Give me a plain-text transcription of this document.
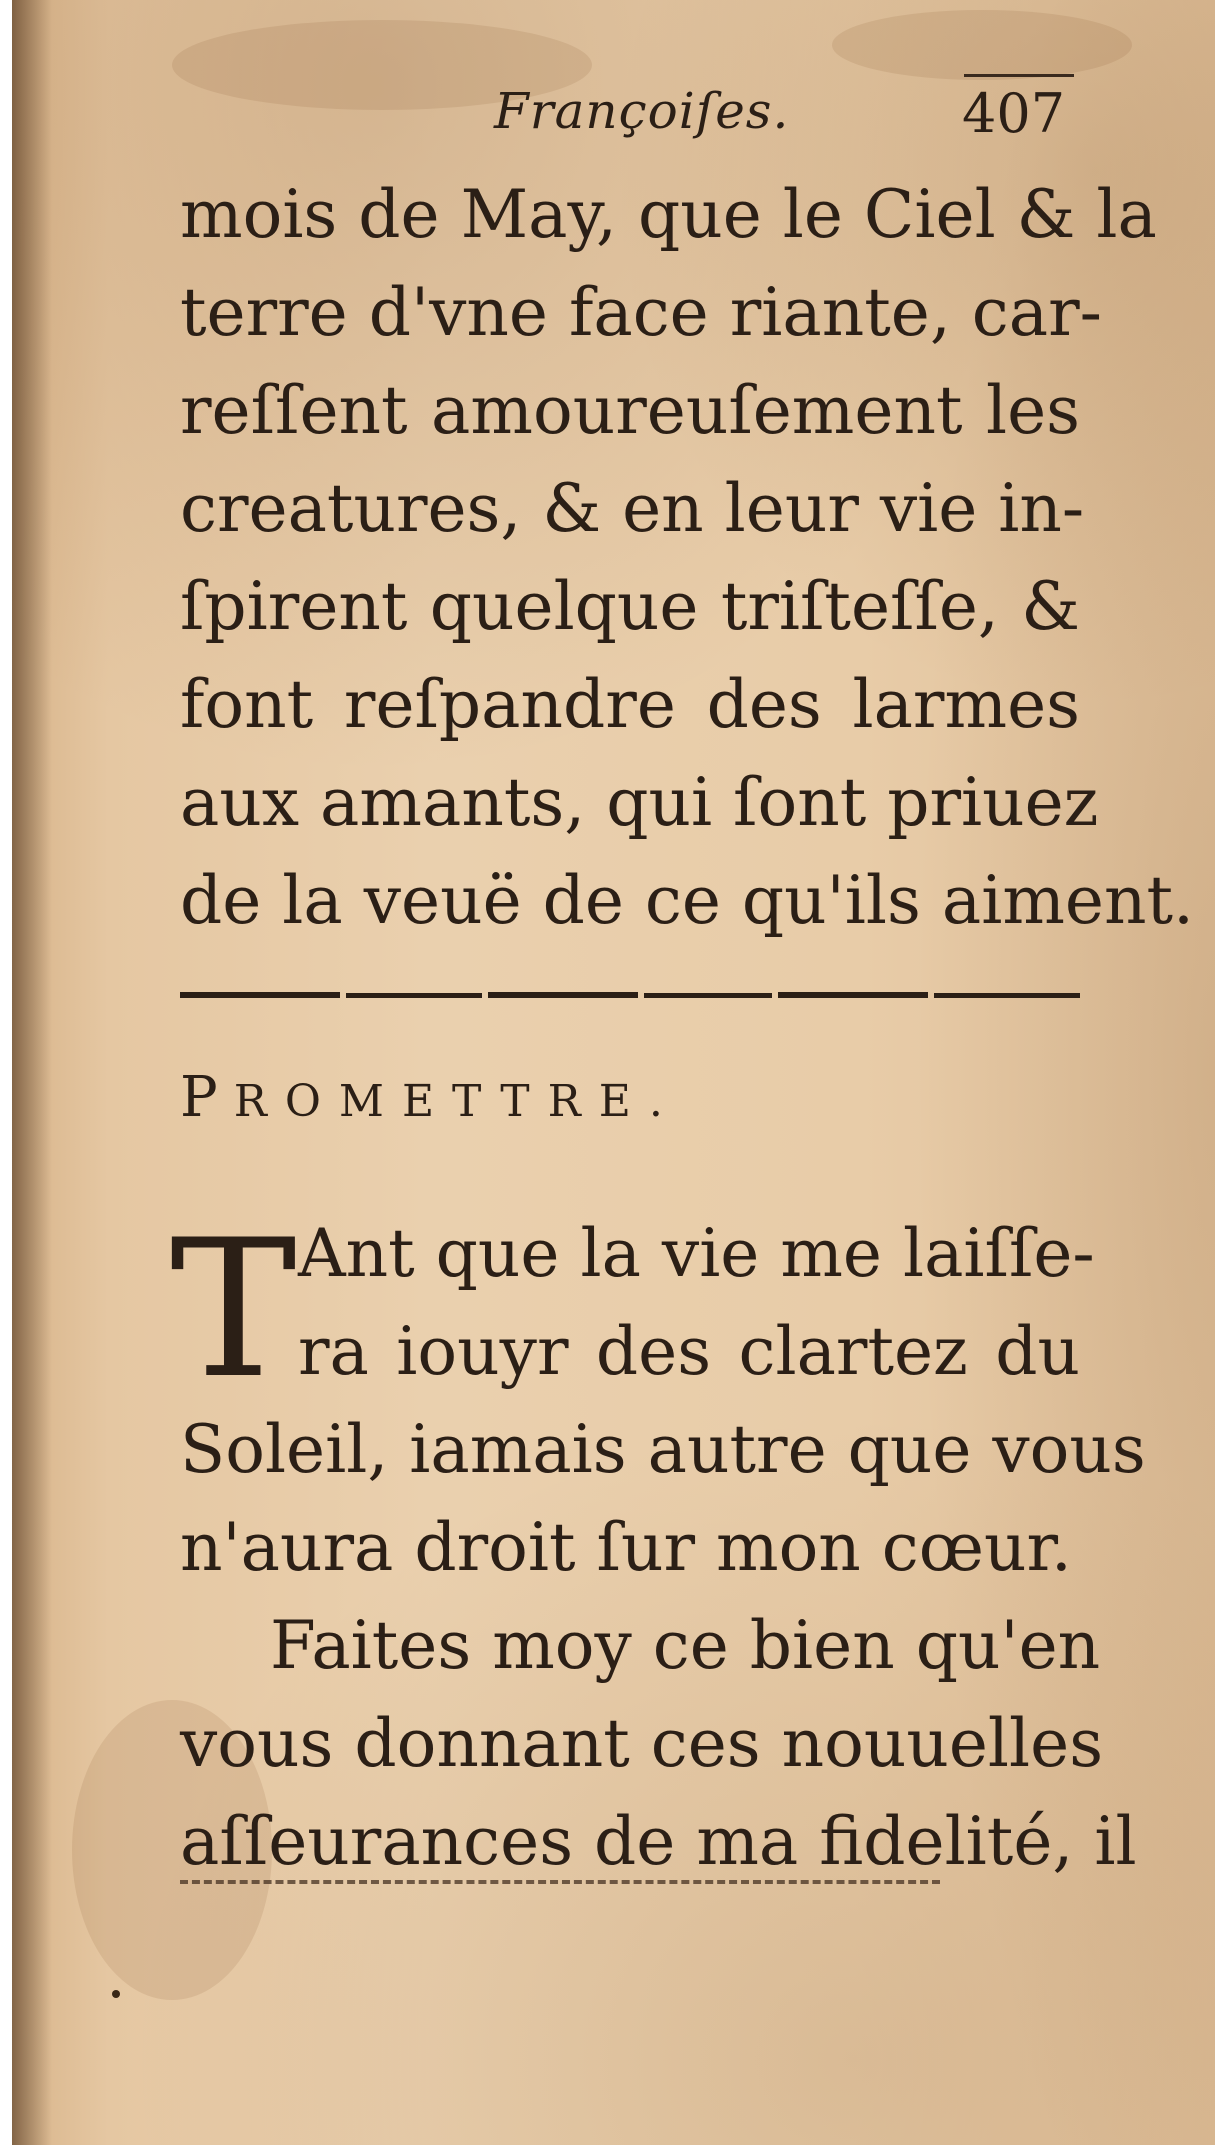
Françoiſes.	407
mois de May, que le Ciel & la
terre d'vne face riante, car-
reſſent amoureuſement les
creatures, & en leur vie in-
ſpirent quelque triſteſſe, &
font reſpandre des larmes
aux amants, qui ſont priuez
de la veuë de ce qu'ils aiment.
PROMETTRE.
T Ant que la vie me laiſſe-
ra iouyr des clartez du
Soleil, iamais autre que vous
n'aura droit ſur mon cœur.
Faites moy ce bien qu'en
vous donnant ces nouuelles
aſſeurances de ma fidelité, il
